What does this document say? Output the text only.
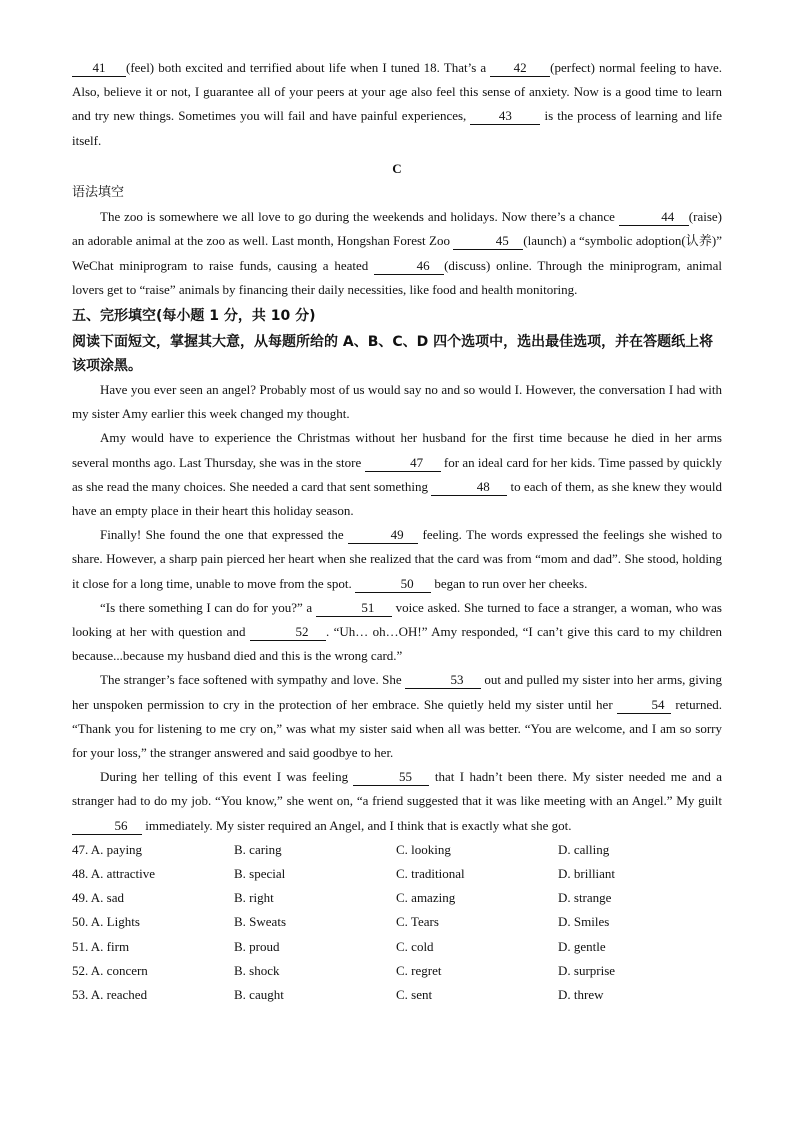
41 (feel) both excited and terrified about life when I tuned 18. That’s a 42 (perfect) normal feeling to have. Also, believe it or not, I guarantee all of your peers at your age also feel this sense of anxiety. Now is a good time to learn and try new things. Sometimes you will fail and have painful experiences, 43 is the process of learning and life itself.

C
语法填空

The zoo is somewhere we all love to go during the weekends and holidays. Now there’s a chance	44 (raise) an adorable animal at the zoo as well. Last month, Hongshan Forest Zoo	45 (launch) a “symbolic adoption(认养)” WeChat miniprogram to raise funds, causing a heated	46 (discuss) online. Through the miniprogram, animal lovers get to “raise” animals by financing their daily necessities, like food and health monitoring.

五、完形填空(每小题 1 分，共 10 分)
阅读下面短文，掌握其大意，从每题所给的 A、B、C、D 四个选项中，选出最佳选项，并在答题纸上将该项涂黑。

Have you ever seen an angel? Probably most of us would say no and so would I. However, the conversation I had with my sister Amy earlier this week changed my thought.

Amy would have to experience the Christmas without her husband for the first time because he died in her arms several months ago. Last Thursday, she was in the store	47 for an ideal card for her kids. Time passed by quickly as she read the many choices. She needed a card that sent something	48 to each of them, as she knew they would have an empty place in their heart this holiday season.

Finally! She found the one that expressed the	49 feeling. The words expressed the feelings she wished to share. However, a sharp pain pierced her heart when she realized that the card was from “mom and dad”. She stood, holding it close for a long time, unable to move from the spot.	50 began to run over her cheeks.

“Is there something I can do for you?” a	51 voice asked. She turned to face a stranger, a woman, who was looking at her with question and	52 . “Uh… oh…OH!” Amy responded, “I can’t give this card to my children because...because my husband died and this is the wrong card.”

The stranger’s face softened with sympathy and love. She	53 out and pulled my sister into her arms, giving her unspoken permission to cry in the protection of her embrace. She quietly held my sister until her	54 returned. “Thank you for listening to me cry on,” was what my sister said when all was better. “You are welcome, and I am so sorry for your loss,” the stranger answered and said goodbye to her.

During her telling of this event I was feeling	55 that I hadn’t been there. My sister needed me and a stranger had to do my job. “You know,” she went on, “a friend suggested that it was like meeting with an Angel.” My guilt 56 immediately. My sister required an Angel, and I think that is exactly what she got.

47. A. paying	B. caring	C. looking	D. calling
48. A. attractive	B. special	C. traditional	D. brilliant
49. A. sad	B. right	C. amazing	D. strange
50. A. Lights	B. Sweats	C. Tears	D. Smiles
51. A. firm	B. proud	C. cold	D. gentle
52. A. concern	B. shock	C. regret	D. surprise
53. A. reached	B. caught	C. sent	D. threw
